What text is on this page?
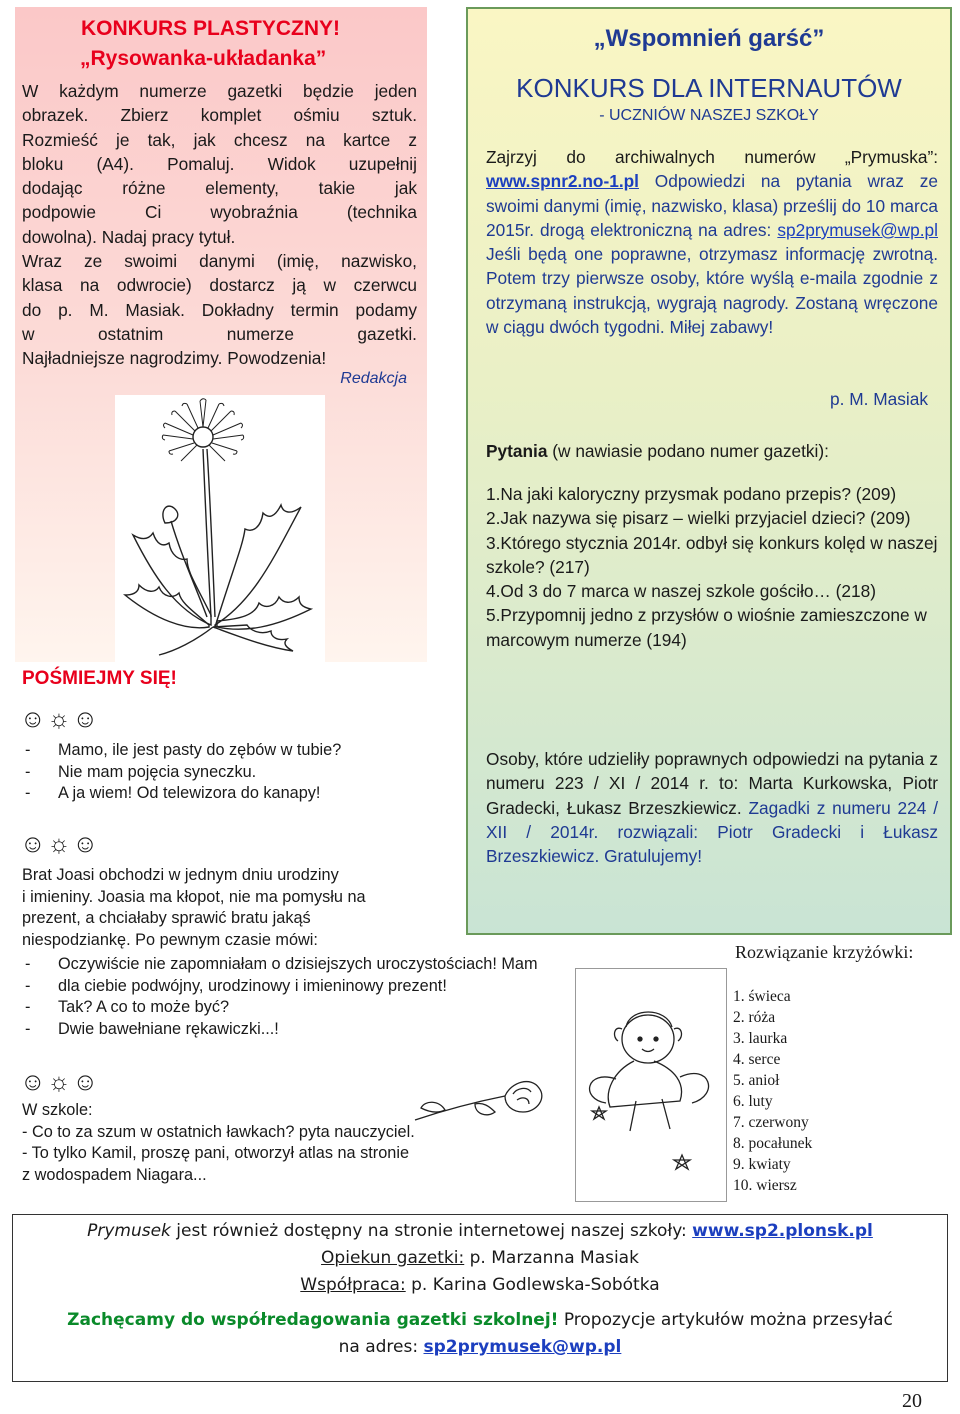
KONKURS PLASTYCZNY!
„Rysowanka-układanka”
W każdym numerze gazetki będzie jeden
obrazek. Zbierz komplet ośmiu sztuk.
Rozmieść je tak, jak chcesz na kartce z
bloku (A4). Pomaluj. Widok uzupełnij
dodając różne elementy, takie jak
podpowie Ci wyobraźnia (technika
dowolna). Nadaj pracy tytuł.
Wraz ze swoimi danymi (imię, nazwisko,
klasa na odwrocie) dostarcz ją w czerwcu
do p. M. Masiak. Dokładny termin podamy
w ostatnim numerze gazetki.
Najładniejsze nagrodzimy. Powodzenia!
Redakcja
„Wspomnień garść”
KONKURS DLA INTERNAUTÓW
- UCZNIÓW NASZEJ SZKOŁY
Zajrzyj do archiwalnych numerów „Prymuska”: www.spnr2.no-1.pl Odpowiedzi na pytania wraz ze swoimi danymi (imię, nazwisko, klasa) prześlij do 10 marca 2015r. drogą elektroniczną na adres: sp2prymusek@wp.pl Jeśli będą one poprawne, otrzymasz informację zwrotną. Potem trzy pierwsze osoby, które wyślą e-maila zgodnie z otrzymaną instrukcją, wygrają nagrody. Zostaną wręczone w ciągu dwóch tygodni. Miłej zabawy!
p. M. Masiak
Pytania (w nawiasie podano numer gazetki):
1.Na jaki kaloryczny przysmak podano przepis? (209)
2.Jak nazywa się pisarz – wielki przyjaciel dzieci? (209)
3.Którego stycznia 2014r. odbył się konkurs kolęd w naszej szkole? (217)
4.Od 3 do 7 marca w naszej szkole gościło… (218)
5.Przypomnij jedno z przysłów o wiośnie zamieszczone w marcowym numerze (194)
Osoby, które udzieliły poprawnych odpowiedzi na pytania z numeru 223 / XI / 2014 r. to: Marta Kurkowska, Piotr Gradecki, Łukasz Brzeszkiewicz. Zagadki z numeru 224 / XII / 2014r. rozwiązali: Piotr Gradecki i Łukasz Brzeszkiewicz. Gratulujemy!
POŚMIEJMY SIĘ!
☺☼☺
- Mamo, ile jest pasty do zębów w tubie?
- Nie mam pojęcia syneczku.
- A ja wiem! Od telewizora do kanapy!
☺☼☺
Brat Joasi obchodzi w jednym dniu urodziny
i imieniny. Joasia ma kłopot, nie ma pomysłu na
prezent, a chciałaby sprawić bratu jakąś
niespodziankę. Po pewnym czasie mówi:
- Oczywiście nie zapomniałam o dzisiejszych uroczystościach! Mam
- dla ciebie podwójny, urodzinowy i imieninowy prezent!
- Tak? A co to może być?
- Dwie bawełniane rękawiczki...!
☺☼☺
W szkole:
- Co to za szum w ostatnich ławkach? pyta nauczyciel.
- To tylko Kamil, proszę pani, otworzył atlas na stronie
z wodospadem Niagara...
Rozwiązanie krzyżówki:
1. świeca
2. róża
3. laurka
4. serce
5. anioł
6. luty
7. czerwony
8. pocałunek
9. kwiaty
10. wiersz
Prymusek jest również dostępny na stronie internetowej naszej szkoły: www.sp2.plonsk.pl
Opiekun gazetki: p. Marzanna Masiak
Współpraca: p. Karina Godlewska-Sobótka
Zachęcamy do współredagowania gazetki szkolnej! Propozycje artykułów można przesyłać
na adres: sp2prymusek@wp.pl
20
